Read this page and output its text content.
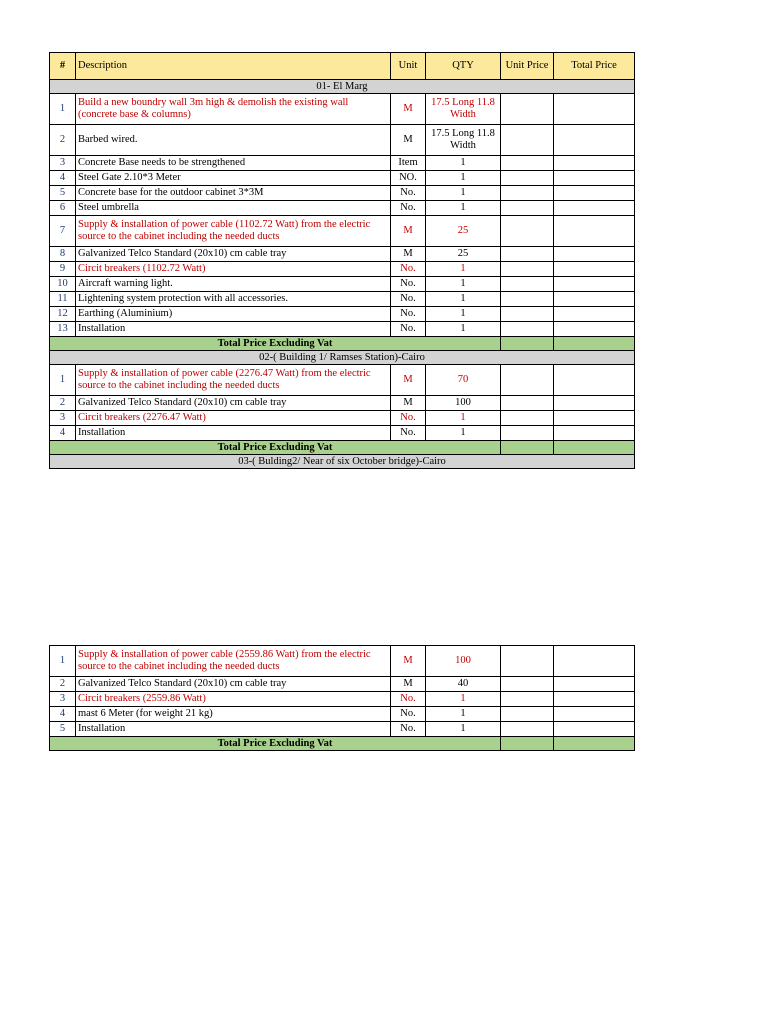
#	Description	Unit	QTY	Unit Price	Total Price
01- El Marg					
1	Build a new boundry wall 3m high & demolish the existing wall (concrete base & columns)	M	17.5 Long 11.8 Width		
2	Barbed wired.	M	17.5 Long 11.8 Width		
3	Concrete Base needs to be strengthened	Item	1		
4	Steel Gate 2.10*3 Meter	NO.	1		
5	Concrete base for the outdoor cabinet 3*3M	No.	1		
6	Steel umbrella	No.	1		
7	Supply & installation of power cable (1102.72 Watt) from the electric source to the cabinet including the needed ducts	M	25		
8	Galvanized Telco Standard (20x10) cm cable tray	M	25		
9	Circit breakers (1102.72 Watt)	No.	1		
10	Aircraft warning light.	No.	1		
11	Lightening system protection with all accessories.	No.	1		
12	Earthing (Aluminium)	No.	1		
13	Installation	No.	1		
Total Price Excluding Vat					
02-( Building 1/ Ramses Station)-Cairo					
1	Supply & installation of power cable (2276.47 Watt) from the electric source to the cabinet including the needed ducts	M	70		
2	Galvanized Telco Standard (20x10) cm cable tray	M	100		
3	Circit breakers (2276.47 Watt)	No.	1		
4	Installation	No.	1		
Total Price Excluding Vat					
03-( Bulding2/ Near of six October bridge)-Cairo					
1	Supply & installation of power cable (2559.86 Watt) from the electric source to the cabinet including the needed ducts	M	100		
2	Galvanized Telco Standard (20x10) cm cable tray	M	40		
3	Circit breakers (2559.86 Watt)	No.	1		
4	mast 6 Meter (for weight 21 kg)	No.	1		
5	Installation	No.	1		
Total Price Excluding Vat					
